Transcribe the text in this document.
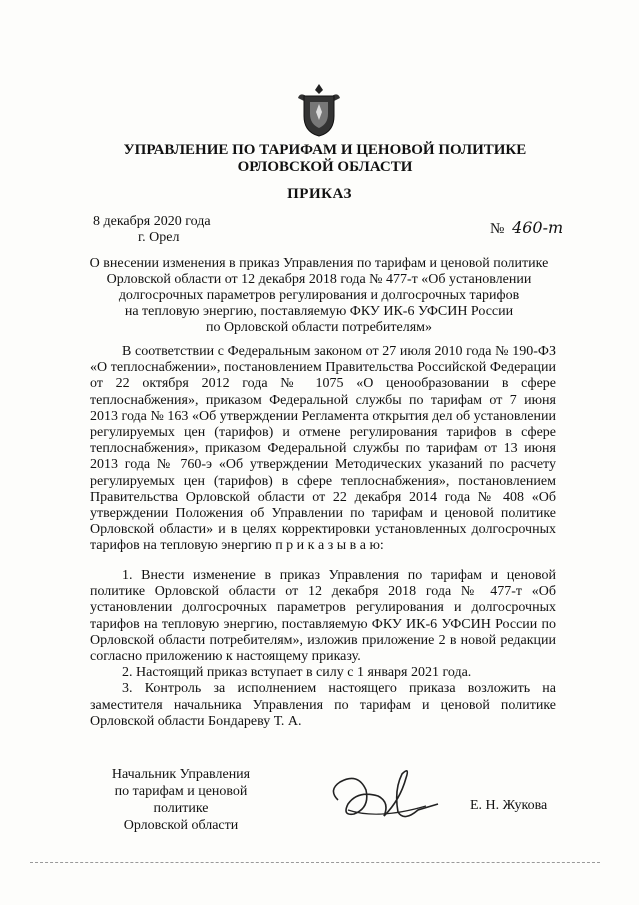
УПРАВЛЕНИЕ ПО ТАРИФАМ И ЦЕНОВОЙ ПОЛИТИКЕ
ОРЛОВСКОЙ ОБЛАСТИ
ПРИКАЗ
8 декабря 2020 года
г. Орел
№ 460-т
О внесении изменения в приказ Управления по тарифам и ценовой политике
Орловской области от 12 декабря 2018 года № 477-т «Об установлении
долгосрочных параметров регулирования и долгосрочных тарифов
на тепловую энергию, поставляемую ФКУ ИК-6 УФСИН России
по Орловской области потребителям»

В соответствии с Федеральным законом от 27 июля 2010 года № 190-ФЗ «О теплоснабжении», постановлением Правительства Российской Федерации от 22 октября 2012 года № 1075 «О ценообразовании в сфере теплоснабжения», приказом Федеральной службы по тарифам от 7 июня 2013 года № 163 «Об утверждении Регламента открытия дел об установлении регулируемых цен (тарифов) и отмене регулирования тарифов в сфере теплоснабжения», приказом Федеральной службы по тарифам от 13 июня 2013 года № 760-э «Об утверждении Методических указаний по расчету регулируемых цен (тарифов) в сфере теплоснабжения», постановлением Правительства Орловской области от 22 декабря 2014 года № 408 «Об утверждении Положения об Управлении по тарифам и ценовой политике Орловской области» и в целях корректировки установленных долгосрочных тарифов на тепловую энергию п р и к а з ы в а ю:

1. Внести изменение в приказ Управления по тарифам и ценовой политике Орловской области от 12 декабря 2018 года № 477-т «Об установлении долгосрочных параметров регулирования и долгосрочных тарифов на тепловую энергию, поставляемую ФКУ ИК-6 УФСИН России по Орловской области потребителям», изложив приложение 2 в новой редакции согласно приложению к настоящему приказу.

2. Настоящий приказ вступает в силу с 1 января 2021 года.

3. Контроль за исполнением настоящего приказа возложить на заместителя начальника Управления по тарифам и ценовой политике Орловской области Бондареву Т. А.

Начальник Управления
по тарифам и ценовой политике
Орловской области
Е. Н. Жукова
